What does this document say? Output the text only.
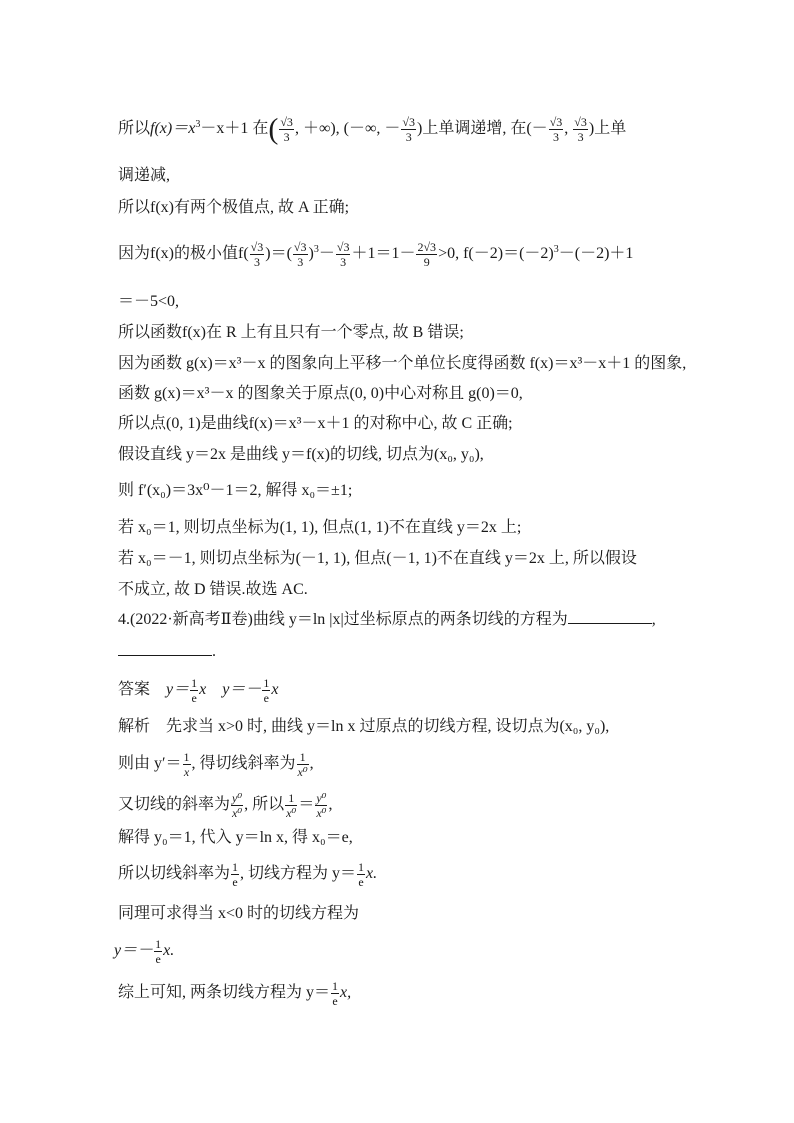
所以$f(x)=x^3-x+1$ 在( $\frac{√3}{3}$ , ＋∞), (－∞, － $\frac{√3}{3}$ )上单调递增, 在(－ $\frac{√3}{3}$ , $\frac{√3}{3}$ )上单
调递减,
所以f(x)有两个极值点, 故 A 正确;
因为f(x)的极小值$f( \frac{√3}{3}$ )＝( $\frac{√3}{3} )^3- \frac{√3}{3} +1=1- \frac{2√3}{9} >0$, $f(-2)=(-2)^3-(-2)+1$
＝－5<0,
所以函数f(x)在 R 上有且只有一个零点, 故 B 错误;
因为函数 g(x)＝x³－x 的图象向上平移一个单位长度得函数 f(x)＝x³－x＋1 的图象,
函数 g(x)＝x³－x 的图象关于原点(0, 0)中心对称且 g(0)＝0,
所以点(0, 1)是曲线f(x)＝x³－x＋1 的对称中心, 故 C 正确;
假设直线 y＝2x 是曲线 y＝f(x)的切线, 切点为(x₀, y₀),
则 f′(x₀)＝3x⁰－1＝2, 解得 x₀＝±1;
若 x₀＝1, 则切点坐标为(1, 1), 但点(1, 1)不在直线 y＝2x 上;
若 x₀＝－1, 则切点坐标为(－1, 1), 但点(－1, 1)不在直线 y＝2x 上, 所以假设
不成立, 故 D 错误.故选 AC.
4.(2022·新高考Ⅱ卷)曲线 y＝ln |x|过坐标原点的两条切线的方程为	,
.
答案  $y= \frac{1}{e}$ x  $y=- \frac{1}{e}$ x
解析　先求当 x>0 时, 曲线 y＝ln x 过原点的切线方程, 设切点为(x₀, y₀),
则由 $y'= \frac{1}{x}$ , 得切线斜率为 $\frac{1}{\text{x⁰}}$ ,
又切线的斜率为 $\frac{\text{y⁰}}{\text{x⁰}}$ , 所以 $\frac{1}{\text{x⁰}} = \frac{\text{y⁰}}{\text{x⁰}}$ ,
解得 y₀＝1, 代入 y＝ln x, 得 x₀＝e,
所以切线斜率为 $\frac{1}{e}$ , 切线方程为 $y= \frac{1}{e} x$.
同理可求得当 x<0 时的切线方程为
$y=- \frac{1}{e} x$.
综上可知, 两条切线方程为 $y= \frac{1}{e} x$,
